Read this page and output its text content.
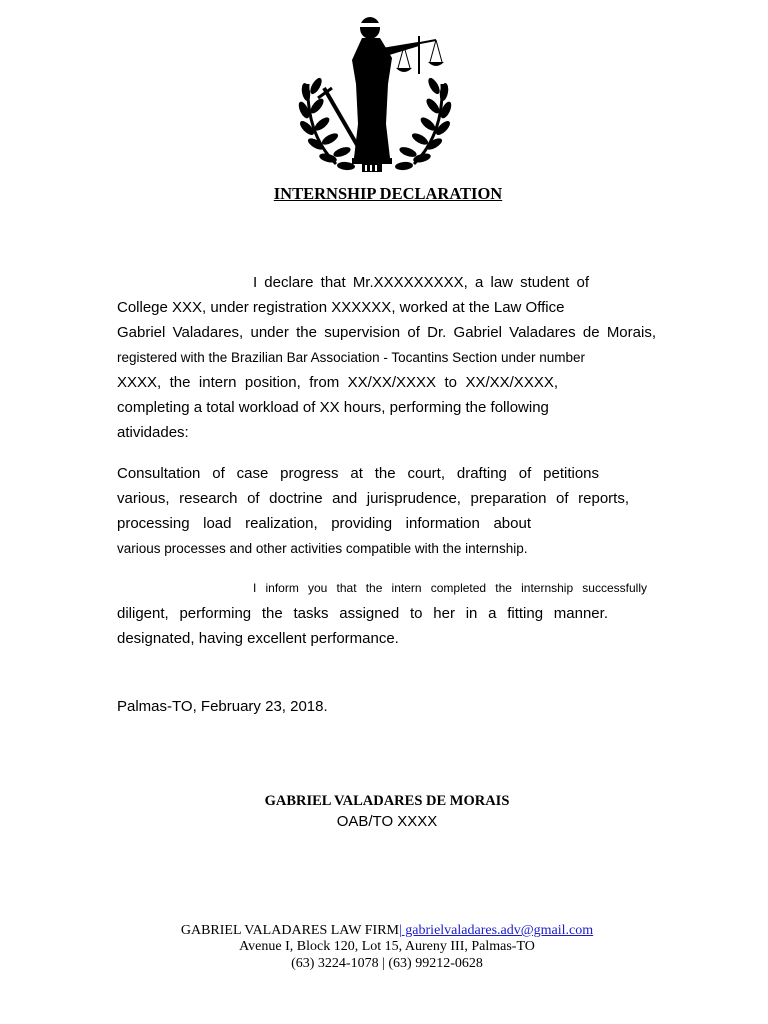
INTERNSHIP DECLARATION
I declare that Mr.XXXXXXXXX, a law student of
College XXX, under registration XXXXXX, worked at the Law Office
Gabriel Valadares, under the supervision of Dr. Gabriel Valadares de Morais,
registered with the Brazilian Bar Association - Tocantins Section under number
XXXX, the intern position, from XX/XX/XXXX to XX/XX/XXXX,
completing a total workload of XX hours, performing the following
atividades:
Consultation of case progress at the court, drafting of petitions
various, research of doctrine and jurisprudence, preparation of reports,
processing load realization, providing information about
various processes and other activities compatible with the internship.
I inform you that the intern completed the internship successfully
diligent, performing the tasks assigned to her in a fitting manner.
designated, having excellent performance.
Palmas-TO, February 23, 2018.
GABRIEL VALADARES DE MORAIS
OAB/TO XXXX
GABRIEL VALADARES LAW FIRM| gabrielvaladares.adv@gmail.com
Avenue I, Block 120, Lot 15, Aureny III, Palmas-TO
(63) 3224-1078 | (63) 99212-0628
